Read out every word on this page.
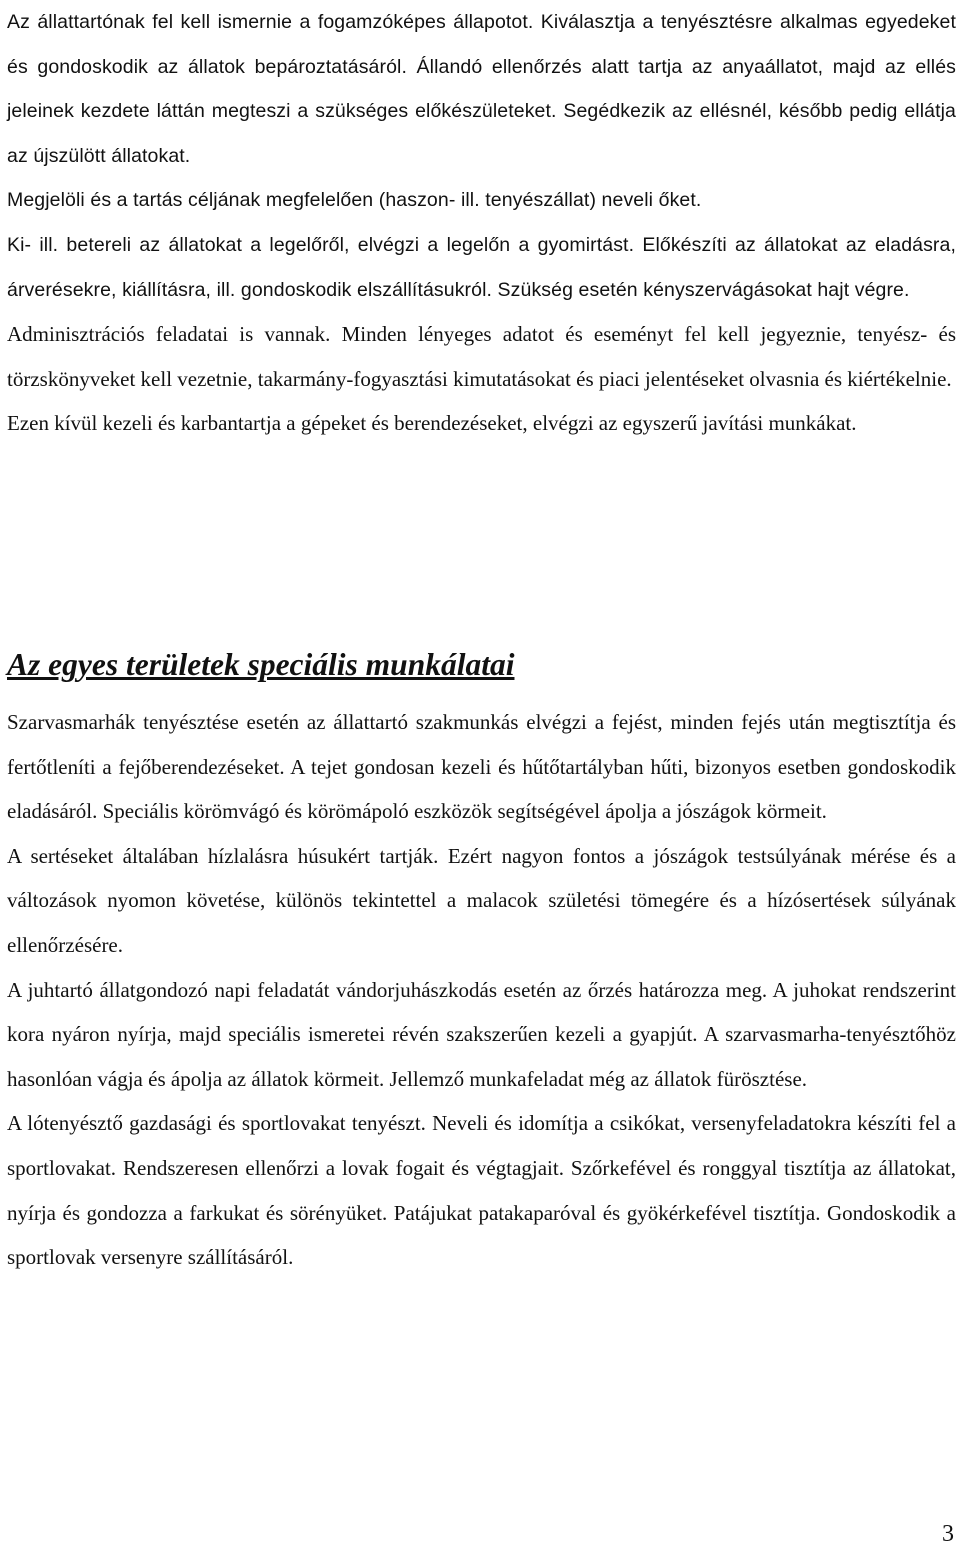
Az állattartónak fel kell ismernie a fogamzóképes állapotot. Kiválasztja a tenyésztésre alkalmas egyedeket és gondoskodik az állatok bepároztatásáról. Állandó ellenőrzés alatt tartja az anyaállatot, majd az ellés jeleinek kezdete láttán megteszi a szükséges előkészületeket. Segédkezik az ellésnél, később pedig ellátja az újszülött állatokat.

Megjelöli és a tartás céljának megfelelően (haszon- ill. tenyészállat) neveli őket.

Ki- ill. betereli az állatokat a legelőről, elvégzi a legelőn a gyomirtást. Előkészíti az állatokat az eladásra, árverésekre, kiállításra, ill. gondoskodik elszállításukról. Szükség esetén kényszervágásokat hajt végre.

Adminisztrációs feladatai is vannak. Minden lényeges adatot és eseményt fel kell jegyeznie, tenyész- és törzskönyveket kell vezetnie, takarmány-fogyasztási kimutatásokat és piaci jelentéseket olvasnia és kiértékelnie.

Ezen kívül kezeli és karbantartja a gépeket és berendezéseket, elvégzi az egyszerű javítási munkákat.

Az egyes területek speciális munkálatai

Szarvasmarhák tenyésztése esetén az állattartó szakmunkás elvégzi a fejést, minden fejés után megtisztítja és fertőtleníti a fejőberendezéseket. A tejet gondosan kezeli és hűtőtartályban hűti, bizonyos esetben gondoskodik eladásáról. Speciális körömvágó és körömápoló eszközök segítségével ápolja a jószágok körmeit.

A sertéseket általában hízlalásra húsukért tartják. Ezért nagyon fontos a jószágok testsúlyának mérése és a változások nyomon követése, különös tekintettel a malacok születési tömegére és a hízósertések súlyának ellenőrzésére.

A juhtartó állatgondozó napi feladatát vándorjuhászkodás esetén az őrzés határozza meg. A juhokat rendszerint kora nyáron nyírja, majd speciális ismeretei révén szakszerűen kezeli a gyapjút. A szarvasmarha-tenyésztőhöz hasonlóan vágja és ápolja az állatok körmeit. Jellemző munkafeladat még az állatok fürösztése.

A lótenyésztő gazdasági és sportlovakat tenyészt. Neveli és idomítja a csikókat, versenyfeladatokra készíti fel a sportlovakat. Rendszeresen ellenőrzi a lovak fogait és végtagjait. Szőrkefével és ronggyal tisztítja az állatokat, nyírja és gondozza a farkukat és sörényüket. Patájukat patakaparóval és gyökérkefével tisztítja. Gondoskodik a sportlovak versenyre szállításáról.

3
